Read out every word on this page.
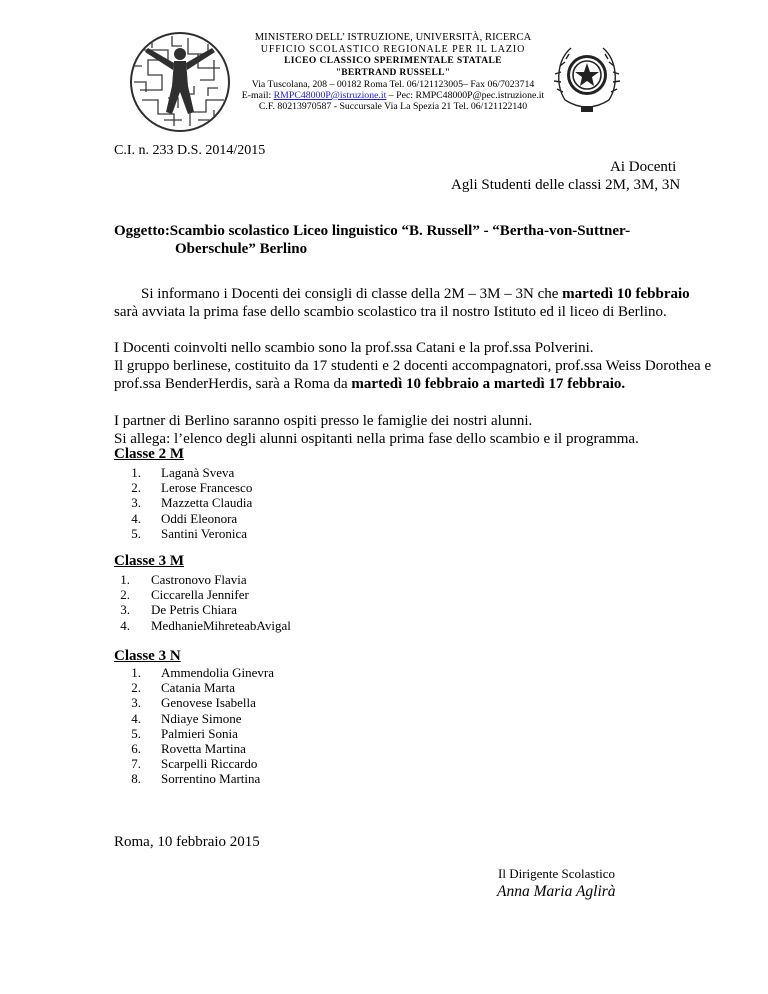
MINISTERO DELL’ ISTRUZIONE, UNIVERSITÀ, RICERCA
UFFICIO SCOLASTICO REGIONALE PER IL LAZIO
LICEO CLASSICO SPERIMENTALE STATALE
"BERTRAND RUSSELL"
Via Tuscolana, 208 – 00182 Roma Tel. 06/121123005– Fax 06/7023714
E-mail: RMPC48000P@istruzione.it – Pec: RMPC48000P@pec.istruzione.it
C.F. 80213970587 - Succursale Via La Spezia 21 Tel. 06/121122140
C.I. n. 233 D.S. 2014/2015
Ai Docenti
Agli Studenti delle classi 2M, 3M, 3N
Oggetto:Scambio scolastico Liceo linguistico “B. Russell” - “Bertha-von-Suttner-
Oberschule” Berlino
Si informano i Docenti dei consigli di classe della 2M – 3M – 3N che martedì 10 febbraio sarà avviata la prima fase dello scambio scolastico tra il nostro Istituto ed il liceo di Berlino.
I Docenti coinvolti nello scambio sono la prof.ssa Catani e la prof.ssa Polverini.
Il gruppo berlinese, costituito da 17 studenti e 2 docenti accompagnatori, prof.ssa Weiss Dorothea e prof.ssa BenderHerdis, sarà a Roma da martedì 10 febbraio a martedì 17 febbraio.
I partner di Berlino saranno ospiti presso le famiglie dei nostri alunni.
Si allega: l’elenco degli alunni ospitanti nella prima fase dello scambio e il programma.
Classe 2 M
1. Laganà Sveva
2. Lerose Francesco
3. Mazzetta Claudia
4. Oddi Eleonora
5. Santini Veronica
Classe 3 M
1. Castronovo Flavia
2. Ciccarella Jennifer
3. De Petris Chiara
4. MedhanieMihreteabAvigal
Classe 3 N
1. Ammendolia Ginevra
2. Catania Marta
3. Genovese Isabella
4. Ndiaye Simone
5. Palmieri Sonia
6. Rovetta Martina
7. Scarpelli Riccardo
8. Sorrentino Martina
Roma, 10 febbraio 2015
Il Dirigente Scolastico
Anna Maria Aglirà
